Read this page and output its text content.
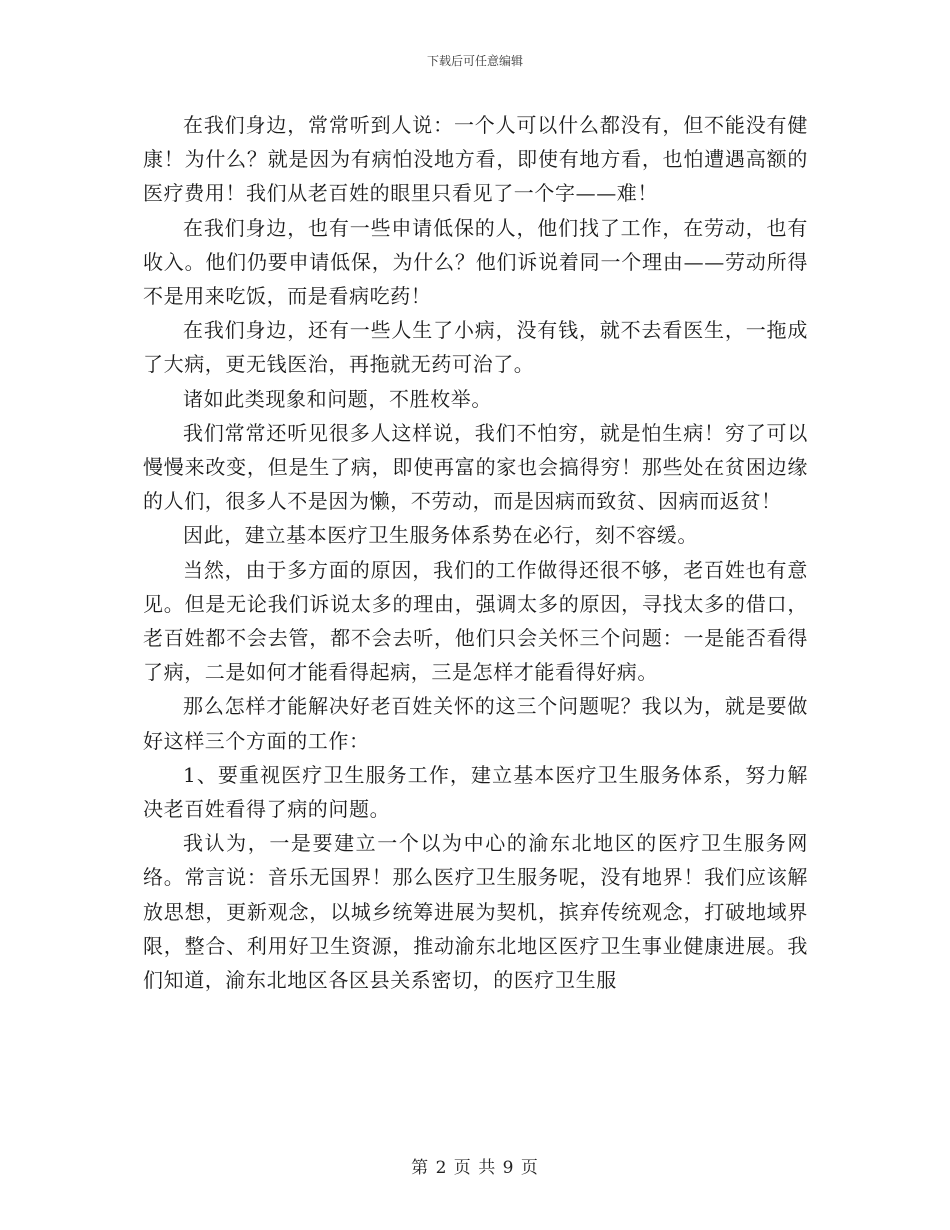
下载后可任意编辑

在我们身边，常常听到人说：一个人可以什么都没有，但不能没有健康！为什么？就是因为有病怕没地方看，即使有地方看，也怕遭遇高额的医疗费用！我们从老百姓的眼里只看见了一个字——难！

在我们身边，也有一些申请低保的人，他们找了工作，在劳动，也有收入。他们仍要申请低保，为什么？他们诉说着同一个理由——劳动所得不是用来吃饭，而是看病吃药！

在我们身边，还有一些人生了小病，没有钱，就不去看医生，一拖成了大病，更无钱医治，再拖就无药可治了。

诸如此类现象和问题，不胜枚举。

我们常常还听见很多人这样说，我们不怕穷，就是怕生病！穷了可以慢慢来改变，但是生了病，即使再富的家也会搞得穷！那些处在贫困边缘的人们，很多人不是因为懒，不劳动，而是因病而致贫、因病而返贫！

因此，建立基本医疗卫生服务体系势在必行，刻不容缓。

当然，由于多方面的原因，我们的工作做得还很不够，老百姓也有意见。但是无论我们诉说太多的理由，强调太多的原因，寻找太多的借口，老百姓都不会去管，都不会去听，他们只会关怀三个问题：一是能否看得了病，二是如何才能看得起病，三是怎样才能看得好病。

那么怎样才能解决好老百姓关怀的这三个问题呢？我以为，就是要做好这样三个方面的工作：

1、要重视医疗卫生服务工作，建立基本医疗卫生服务体系，努力解决老百姓看得了病的问题。

我认为，一是要建立一个以为中心的渝东北地区的医疗卫生服务网络。常言说：音乐无国界！那么医疗卫生服务呢，没有地界！我们应该解放思想，更新观念，以城乡统筹进展为契机，摈弃传统观念，打破地域界限，整合、利用好卫生资源，推动渝东北地区医疗卫生事业健康进展。我们知道，渝东北地区各区县关系密切，的医疗卫生服

第 2 页 共 9 页
